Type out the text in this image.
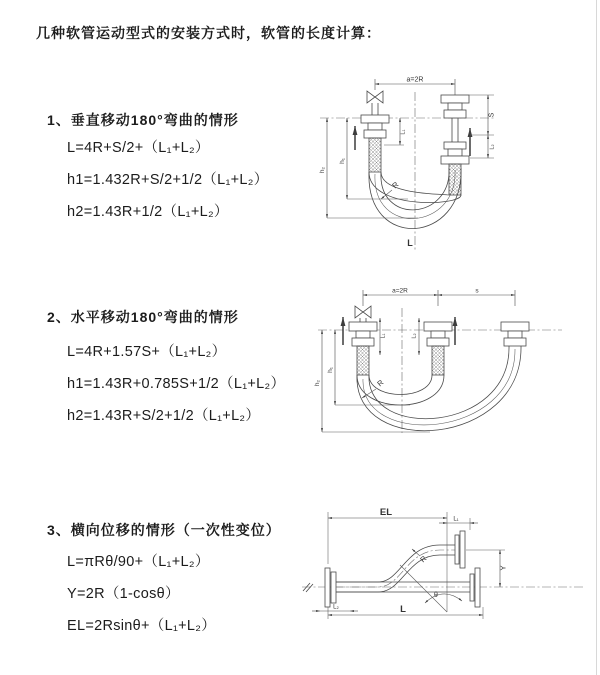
几种软管运动型式的安装方式时，软管的长度计算：
1、垂直移动180°弯曲的情形
L=4R+S/2+（L₁+L₂）
h1=1.432R+S/2+1/2（L₁+L₂）
h2=1.43R+1/2（L₁+L₂）
2、水平移动180°弯曲的情形
L=4R+1.57S+（L₁+L₂）
h1=1.43R+0.785S+1/2（L₁+L₂）
h2=1.43R+S/2+1/2（L₁+L₂）
3、横向位移的情形（一次性变位）
L=πRθ/90+（L₁+L₂）
Y=2R（1-cosθ）
EL=2Rsinθ+（L₁+L₂）
a=2R
h₁
h₂
L₁
S
L₂
R
L
a=2R	s
L₁	L₂
h₁
h₂	R
EL
L₁
Y
R
θ
L
L₂
